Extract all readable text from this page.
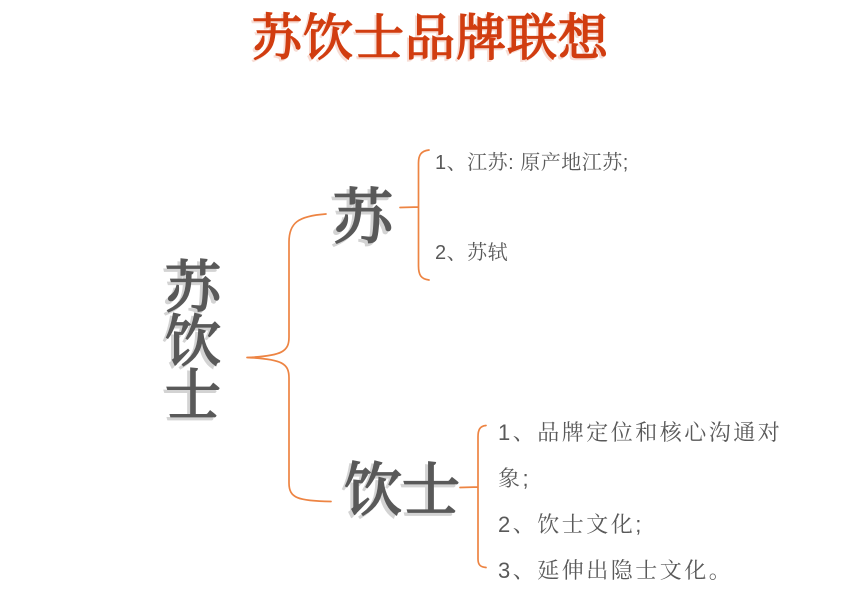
苏饮士品牌联想
苏饮士
苏
饮士
1、江苏: 原产地江苏;
2、苏轼
1、品牌定位和核心沟通对
象;
2、饮士文化;
3、延伸出隐士文化。
